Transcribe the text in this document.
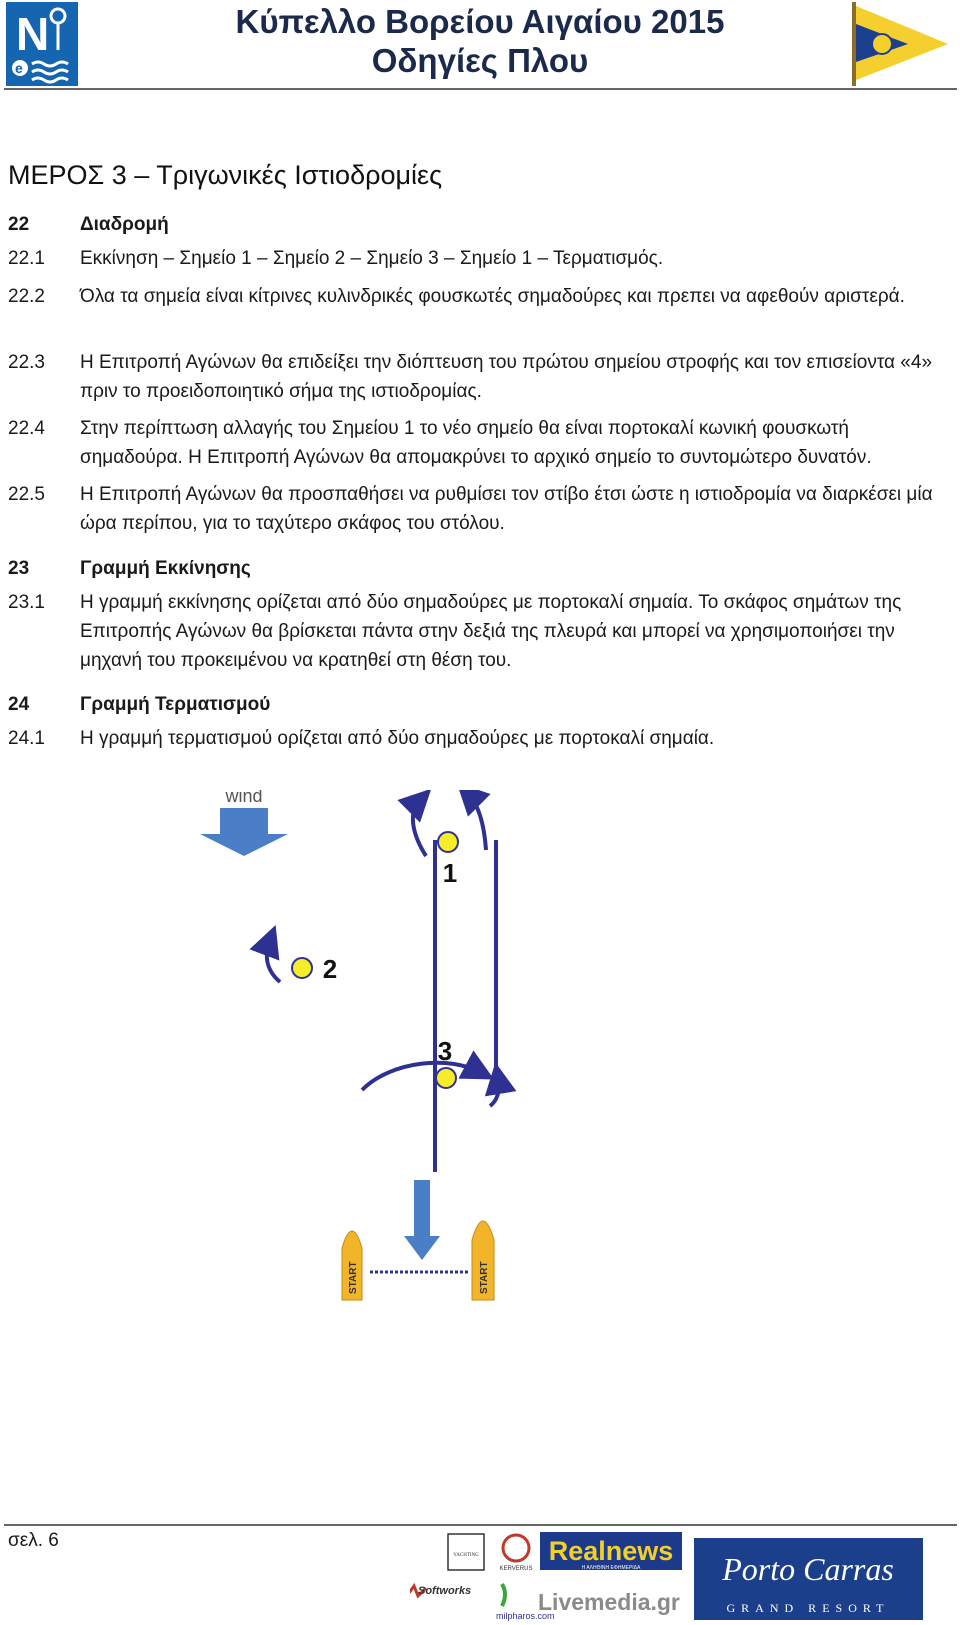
N
e
Κύπελλο Βορείου Αιγαίου 2015
Οδηγίες Πλου
ΜΕΡΟΣ 3 – Τριγωνικές Ιστιοδρομίες
22	Διαδρομή
22.1	Εκκίνηση – Σημείο 1 – Σημείο 2 – Σημείο 3 – Σημείο 1 – Τερματισμός.
22.2	Όλα τα σημεία είναι κίτρινες κυλινδρικές φουσκωτές σημαδούρες και πρεπει να αφεθούν αριστερά.
22.3	Η Επιτροπή Αγώνων θα επιδείξει την διόπτευση του πρώτου σημείου στροφής και τον επισείοντα «4» πριν το προειδοποιητικό σήμα της ιστιοδρομίας.
22.4	Στην περίπτωση αλλαγής του Σημείου 1 το νέο σημείο θα είναι πορτοκαλί κωνική φουσκωτή σημαδούρα. Η Επιτροπή Αγώνων θα απομακρύνει το αρχικό σημείο το συντομώτερο δυνατόν.
22.5	Η Επιτροπή Αγώνων θα προσπαθήσει να ρυθμίσει τον στίβο έτσι ώστε η ιστιοδρομία να διαρκέσει μία ώρα περίπου, για το ταχύτερο σκάφος του στόλου.
23	Γραμμή Εκκίνησης
23.1	Η γραμμή εκκίνησης ορίζεται από δύο σημαδούρες με πορτοκαλί σημαία. Το σκάφος σημάτων της Επιτροπής Αγώνων θα βρίσκεται πάντα στην δεξιά της πλευρά και μπορεί να χρησιμοποιήσει την μηχανή του προκειμένου να κρατηθεί στη θέση του.
24	Γραμμή Τερματισμού
24.1	Η γραμμή τερματισμού ορίζεται από δύο σημαδούρες με πορτοκαλί σημαία.
wind
1
2
3
START	START
σελ. 6
YACHTING
KERVERUS
Realnews
Η ΑΛΗΘΙΝΗ ΕΦΗΜΕΡΙΔΑ
Softworks
milpharos.com
Livemedia.gr
Porto Carras
GRAND RESORT
